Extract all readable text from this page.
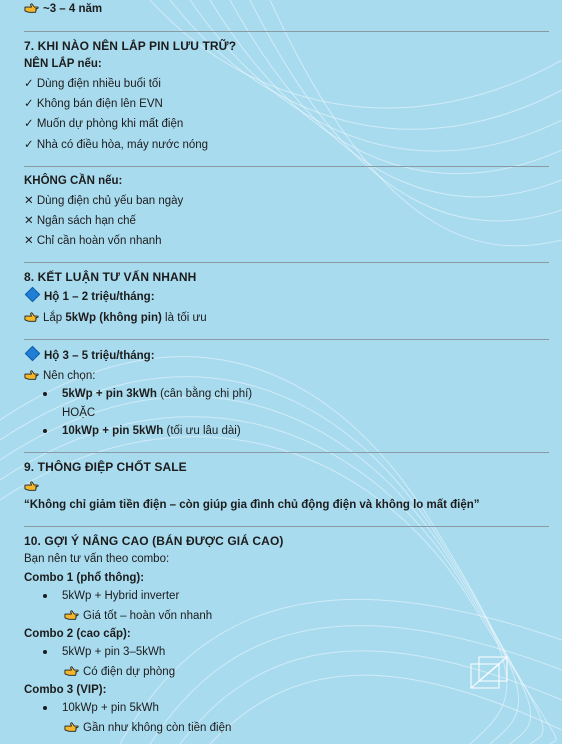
~3 – 4 năm
7. KHI NÀO NÊN LẮP PIN LƯU TRỮ?
NÊN LẮP nếu:
✓ Dùng điện nhiều buổi tối
✓ Không bán điện lên EVN
✓ Muốn dự phòng khi mất điện
✓ Nhà có điều hòa, máy nước nóng
KHÔNG CẦN nếu:
✕ Dùng điện chủ yếu ban ngày
✕ Ngân sách hạn chế
✕ Chỉ cần hoàn vốn nhanh
8. KẾT LUẬN TƯ VẤN NHANH
Hộ 1 – 2 triệu/tháng:
Lắp 5kWp (không pin) là tối ưu
Hộ 3 – 5 triệu/tháng:
Nên chọn:
5kWp + pin 3kWh (cân bằng chi phí)
HOẶC
10kWp + pin 5kWh (tối ưu lâu dài)
9. THÔNG ĐIỆP CHỐT SALE
“Không chỉ giảm tiền điện – còn giúp gia đình chủ động điện và không lo mất điện”
10. GỢI Ý NÂNG CAO (BÁN ĐƯỢC GIÁ CAO)
Bạn nên tư vấn theo combo:
Combo 1 (phổ thông):
5kWp + Hybrid inverter
Giá tốt – hoàn vốn nhanh
Combo 2 (cao cấp):
5kWp + pin 3–5kWh
Có điện dự phòng
Combo 3 (VIP):
10kWp + pin 5kWh
Gần như không còn tiền điện
